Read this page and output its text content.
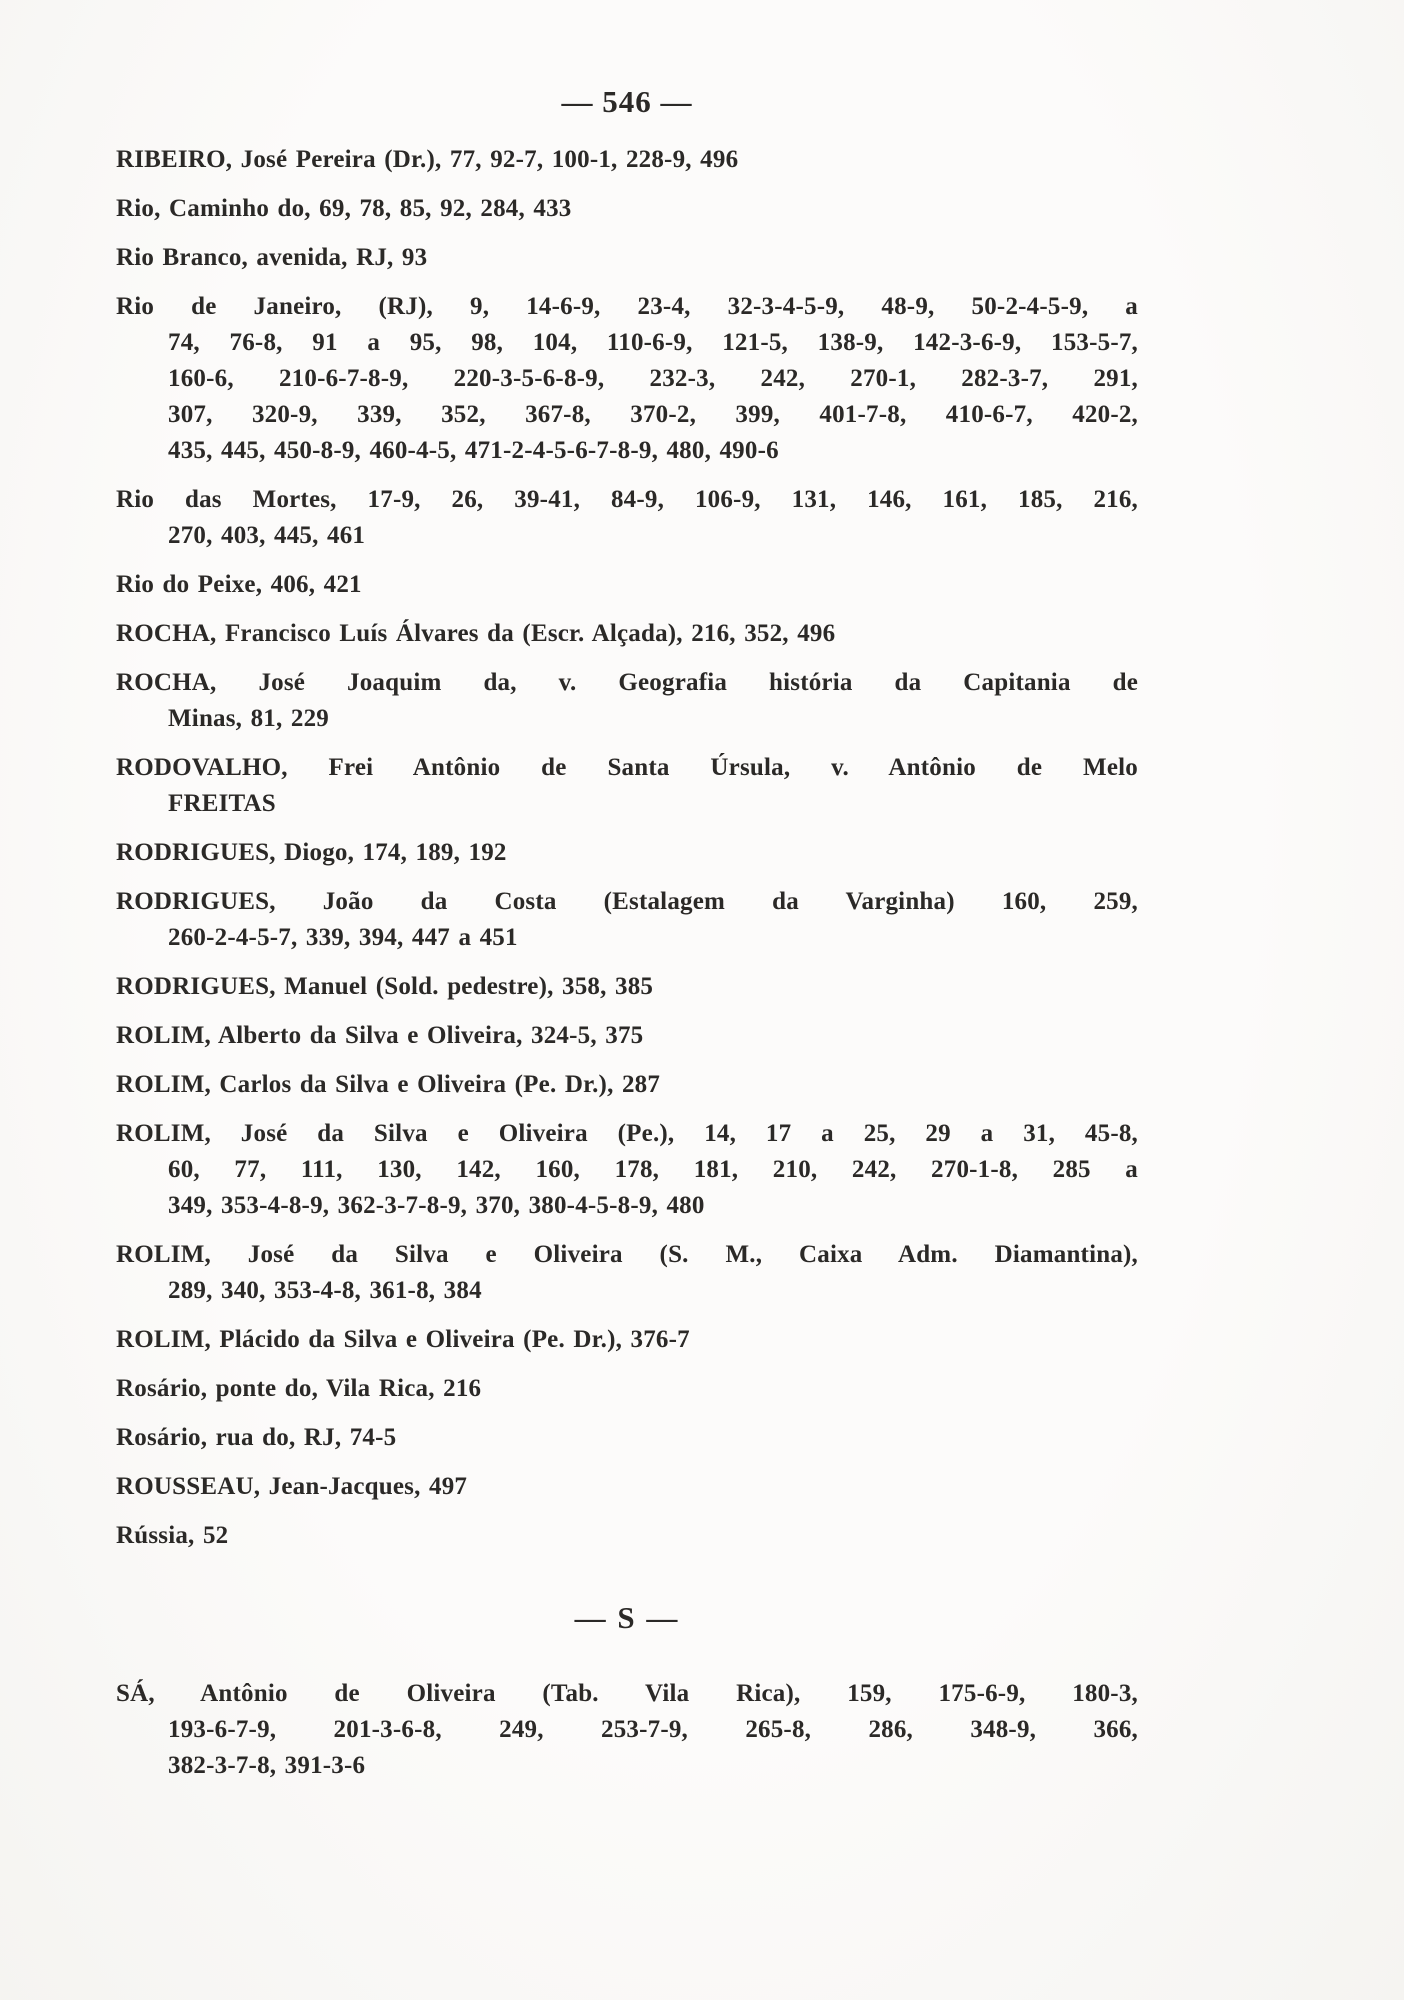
— 546 —

RIBEIRO, José Pereira (Dr.), 77, 92-7, 100-1, 228-9, 496

Rio, Caminho do, 69, 78, 85, 92, 284, 433

Rio Branco, avenida, RJ, 93

Rio de Janeiro, (RJ), 9, 14-6-9, 23-4, 32-3-4-5-9, 48-9, 50-2-4-5-9, a
74, 76-8, 91 a 95, 98, 104, 110-6-9, 121-5, 138-9, 142-3-6-9, 153-5-7,
160-6, 210-6-7-8-9, 220-3-5-6-8-9, 232-3, 242, 270-1, 282-3-7, 291,
307, 320-9, 339, 352, 367-8, 370-2, 399, 401-7-8, 410-6-7, 420-2,
435, 445, 450-8-9, 460-4-5, 471-2-4-5-6-7-8-9, 480, 490-6

Rio das Mortes, 17-9, 26, 39-41, 84-9, 106-9, 131, 146, 161, 185, 216,
270, 403, 445, 461

Rio do Peixe, 406, 421

ROCHA, Francisco Luís Álvares da (Escr. Alçada), 216, 352, 496

ROCHA, José Joaquim da, v. Geografia história da Capitania de
Minas, 81, 229

RODOVALHO, Frei Antônio de Santa Úrsula, v. Antônio de Melo
FREITAS

RODRIGUES, Diogo, 174, 189, 192

RODRIGUES, João da Costa (Estalagem da Varginha) 160, 259,
260-2-4-5-7, 339, 394, 447 a 451

RODRIGUES, Manuel (Sold. pedestre), 358, 385

ROLIM, Alberto da Silva e Oliveira, 324-5, 375

ROLIM, Carlos da Silva e Oliveira (Pe. Dr.), 287

ROLIM, José da Silva e Oliveira (Pe.), 14, 17 a 25, 29 a 31, 45-8,
60, 77, 111, 130, 142, 160, 178, 181, 210, 242, 270-1-8, 285 a
349, 353-4-8-9, 362-3-7-8-9, 370, 380-4-5-8-9, 480

ROLIM, José da Silva e Oliveira (S. M., Caixa Adm. Diamantina),
289, 340, 353-4-8, 361-8, 384

ROLIM, Plácido da Silva e Oliveira (Pe. Dr.), 376-7

Rosário, ponte do, Vila Rica, 216

Rosário, rua do, RJ, 74-5

ROUSSEAU, Jean-Jacques, 497

Rússia, 52

— S —

SÁ, Antônio de Oliveira (Tab. Vila Rica), 159, 175-6-9, 180-3,
193-6-7-9, 201-3-6-8, 249, 253-7-9, 265-8, 286, 348-9, 366,
382-3-7-8, 391-3-6
